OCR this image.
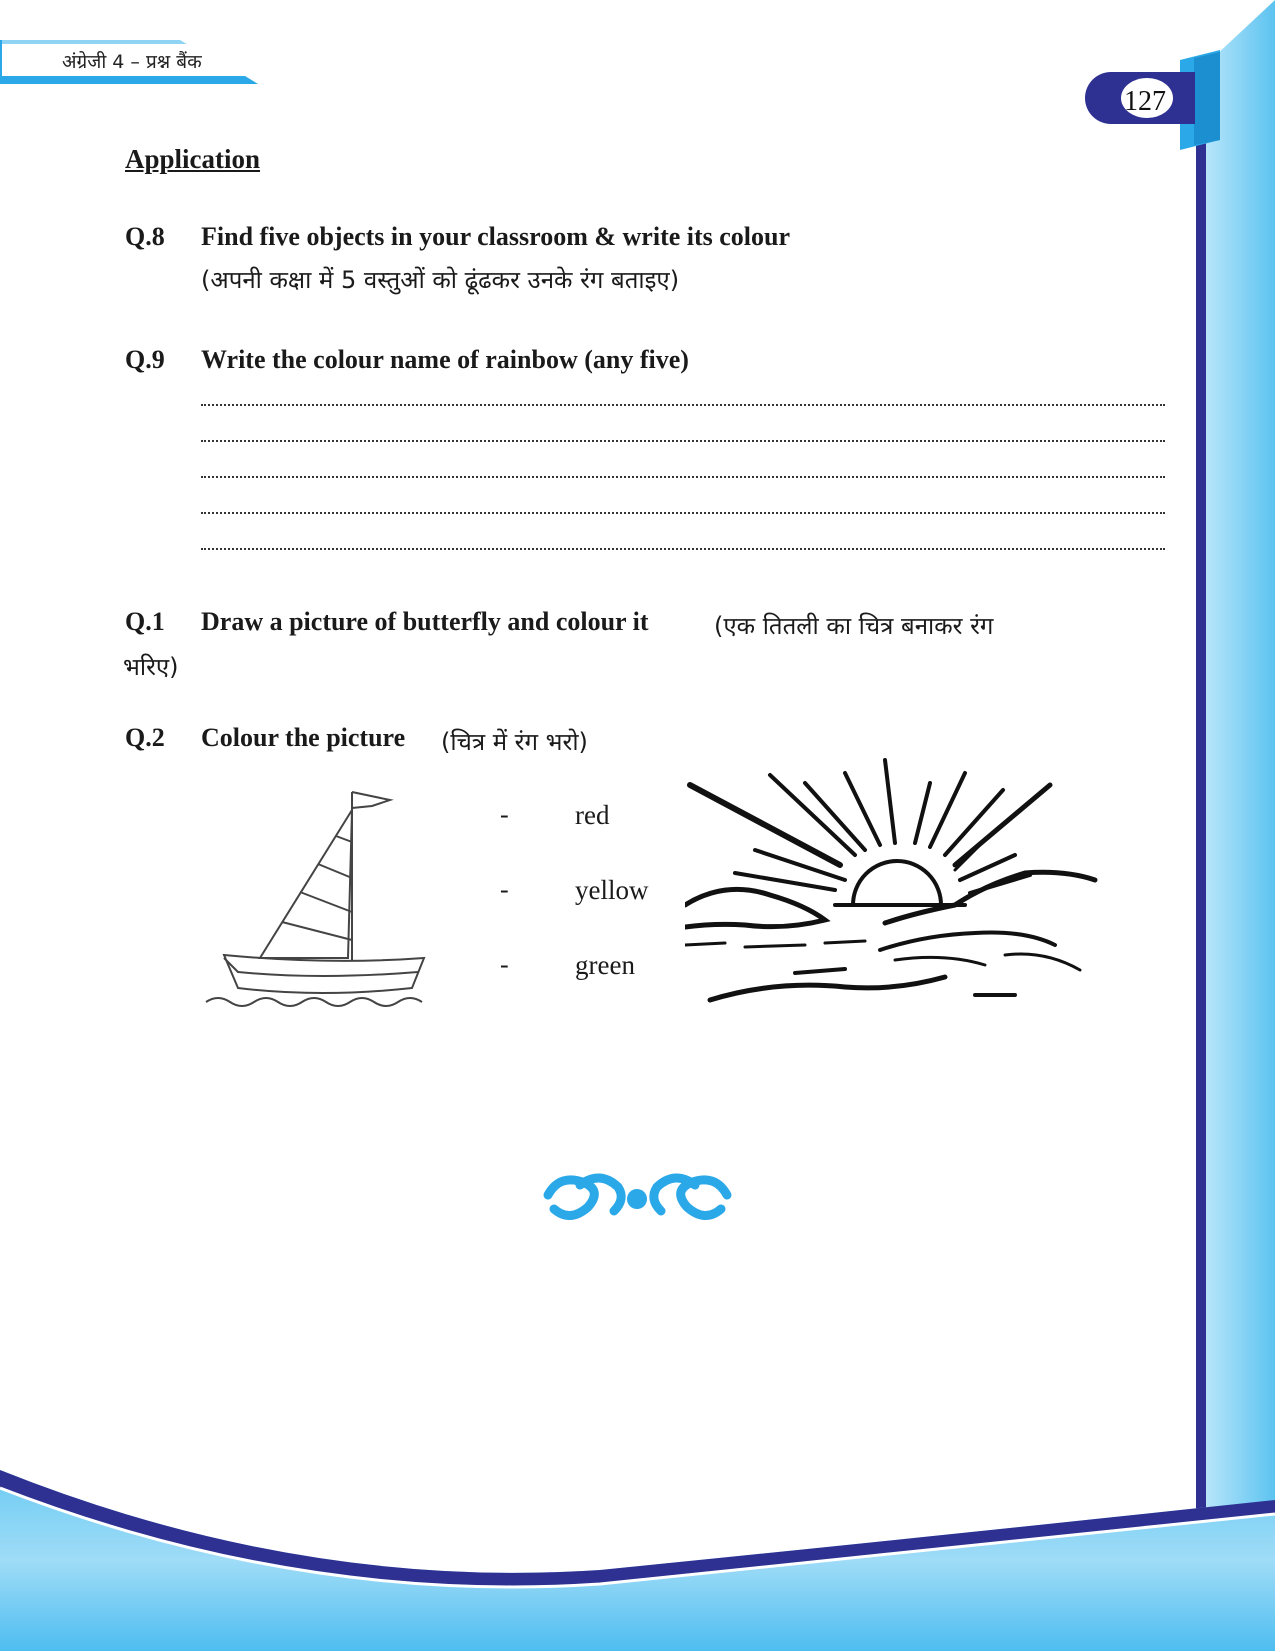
अंग्रेजी 4 – प्रश्न बैंक
127
Application
Q.8 Find five objects in your classroom & write its colour
(अपनी कक्षा में 5 वस्तुओं को ढूंढकर उनके रंग बताइए)
Q.9 Write the colour name of rainbow (any five)
Q.1 Draw a picture of butterfly and colour it	(एक तितली का चित्र बनाकर रंग
भरिए)
Q.2 Colour the picture (चित्र में रंग भरो)
- red
- yellow
- green
